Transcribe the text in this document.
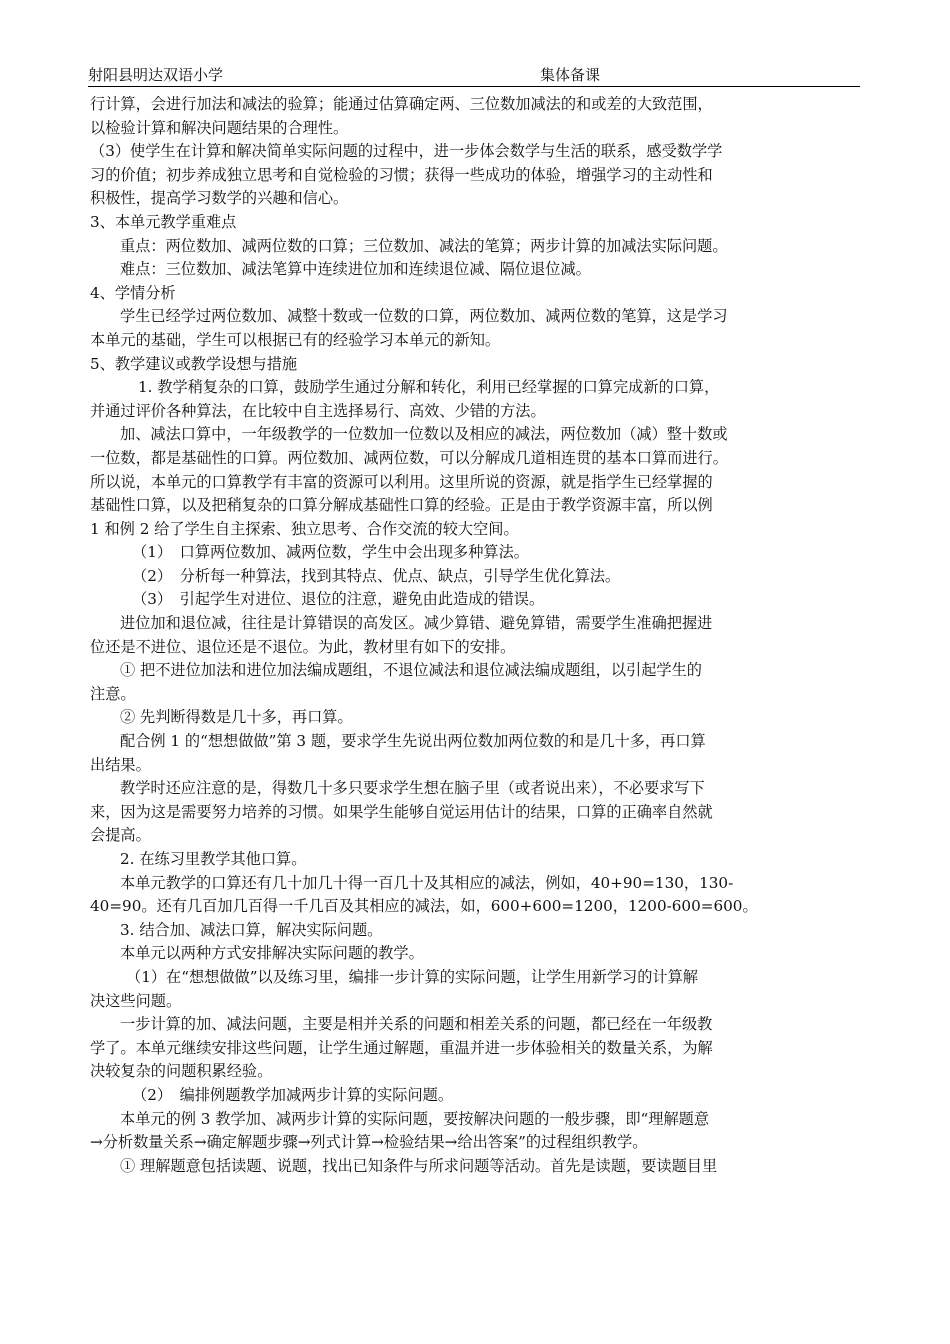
射阳县明达双语小学	集体备课
行计算，会进行加法和减法的验算；能通过估算确定两、三位数加减法的和或差的大致范围，
以检验计算和解决问题结果的合理性。
（3）使学生在计算和解决简单实际问题的过程中，进一步体会数学与生活的联系，感受数学学
习的价值；初步养成独立思考和自觉检验的习惯；获得一些成功的体验，增强学习的主动性和
积极性，提高学习数学的兴趣和信心。
3、本单元教学重难点
重点：两位数加、减两位数的口算；三位数加、减法的笔算；两步计算的加减法实际问题。
难点：三位数加、减法笔算中连续进位加和连续退位减、隔位退位减。
4、学情分析
学生已经学过两位数加、减整十数或一位数的口算，两位数加、减两位数的笔算，这是学习
本单元的基础，学生可以根据已有的经验学习本单元的新知。
5、教学建议或教学设想与措施
1. 教学稍复杂的口算，鼓励学生通过分解和转化，利用已经掌握的口算完成新的口算，
并通过评价各种算法，在比较中自主选择易行、高效、少错的方法。
加、减法口算中，一年级教学的一位数加一位数以及相应的减法，两位数加（减）整十数或
一位数，都是基础性的口算。两位数加、减两位数，可以分解成几道相连贯的基本口算而进行。
所以说，本单元的口算教学有丰富的资源可以利用。这里所说的资源，就是指学生已经掌握的
基础性口算，以及把稍复杂的口算分解成基础性口算的经验。正是由于教学资源丰富，所以例
1 和例 2 给了学生自主探索、独立思考、合作交流的较大空间。
（1）　口算两位数加、减两位数，学生中会出现多种算法。
（2）　分析每一种算法，找到其特点、优点、缺点，引导学生优化算法。
（3）　引起学生对进位、退位的注意，避免由此造成的错误。
进位加和退位减，往往是计算错误的高发区。减少算错、避免算错，需要学生准确把握进
位还是不进位、退位还是不退位。为此，教材里有如下的安排。
① 把不进位加法和进位加法编成题组，不退位减法和退位减法编成题组，以引起学生的
注意。
② 先判断得数是几十多，再口算。
配合例 1 的“想想做做”第 3 题，要求学生先说出两位数加两位数的和是几十多，再口算
出结果。
教学时还应注意的是，得数几十多只要求学生想在脑子里（或者说出来），不必要求写下
来，因为这是需要努力培养的习惯。如果学生能够自觉运用估计的结果，口算的正确率自然就
会提高。
2. 在练习里教学其他口算。
本单元教学的口算还有几十加几十得一百几十及其相应的减法，例如，40+90=130，130-
40=90。还有几百加几百得一千几百及其相应的减法，如，600+600=1200，1200-600=600。
3. 结合加、减法口算，解决实际问题。
本单元以两种方式安排解决实际问题的教学。
（1）在“想想做做”以及练习里，编排一步计算的实际问题，让学生用新学习的计算解
决这些问题。
一步计算的加、减法问题，主要是相并关系的问题和相差关系的问题，都已经在一年级教
学了。本单元继续安排这些问题，让学生通过解题，重温并进一步体验相关的数量关系，为解
决较复杂的问题积累经验。
（2）　编排例题教学加减两步计算的实际问题。
本单元的例 3 教学加、减两步计算的实际问题，要按解决问题的一般步骤，即“理解题意
→分析数量关系→确定解题步骤→列式计算→检验结果→给出答案”的过程组织教学。
① 理解题意包括读题、说题，找出已知条件与所求问题等活动。首先是读题，要读题目里
